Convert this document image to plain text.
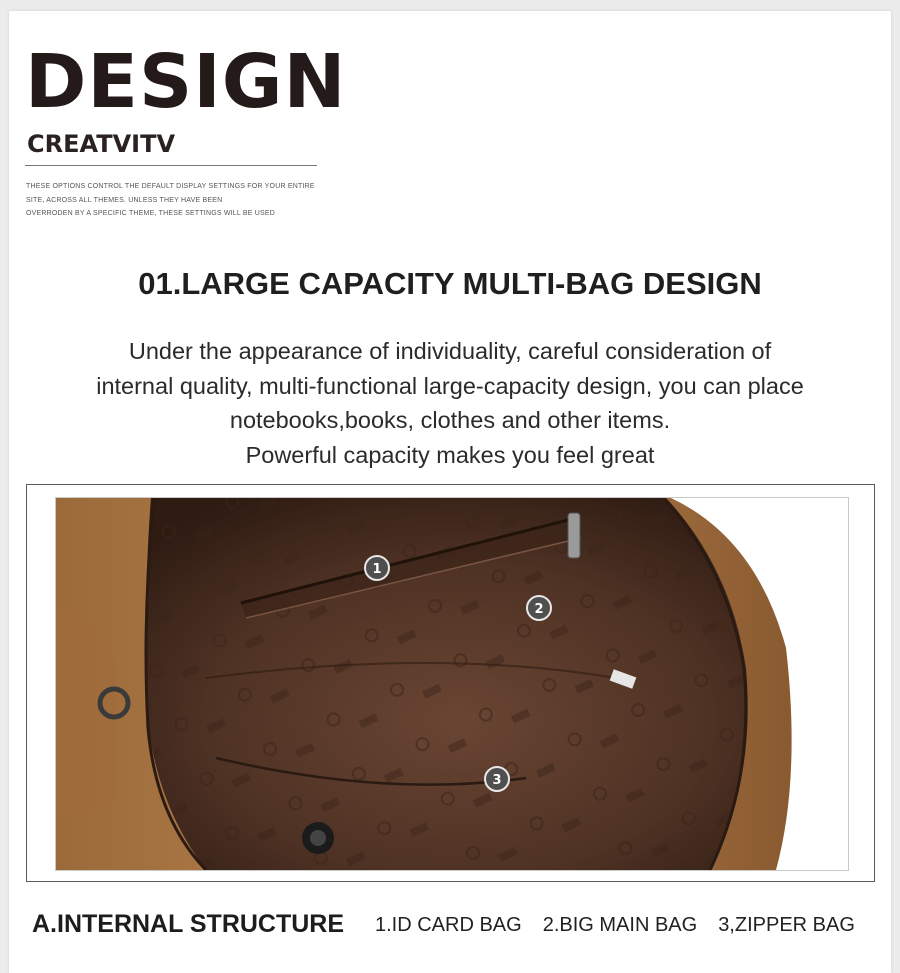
DESIGN
CREATVITV
THESE OPTIONS CONTROL THE DEFAULT DISPLAY SETTINGS FOR YOUR ENTIRE
SITE, ACROSS ALL THEMES. UNLESS THEY HAVE BEEN
OVERRODEN BY A SPECIFIC THEME, THESE SETTINGS WILL BE USED
01.LARGE CAPACITY MULTI-BAG DESIGN
Under the appearance of individuality, careful consideration of
internal quality, multi-functional large-capacity design, you can place
notebooks,books, clothes and other items.
Powerful capacity makes you feel great
1
2
3
A.INTERNAL STRUCTURE 1.ID CARD BAG 2.BIG MAIN BAG 3,ZIPPER BAG
